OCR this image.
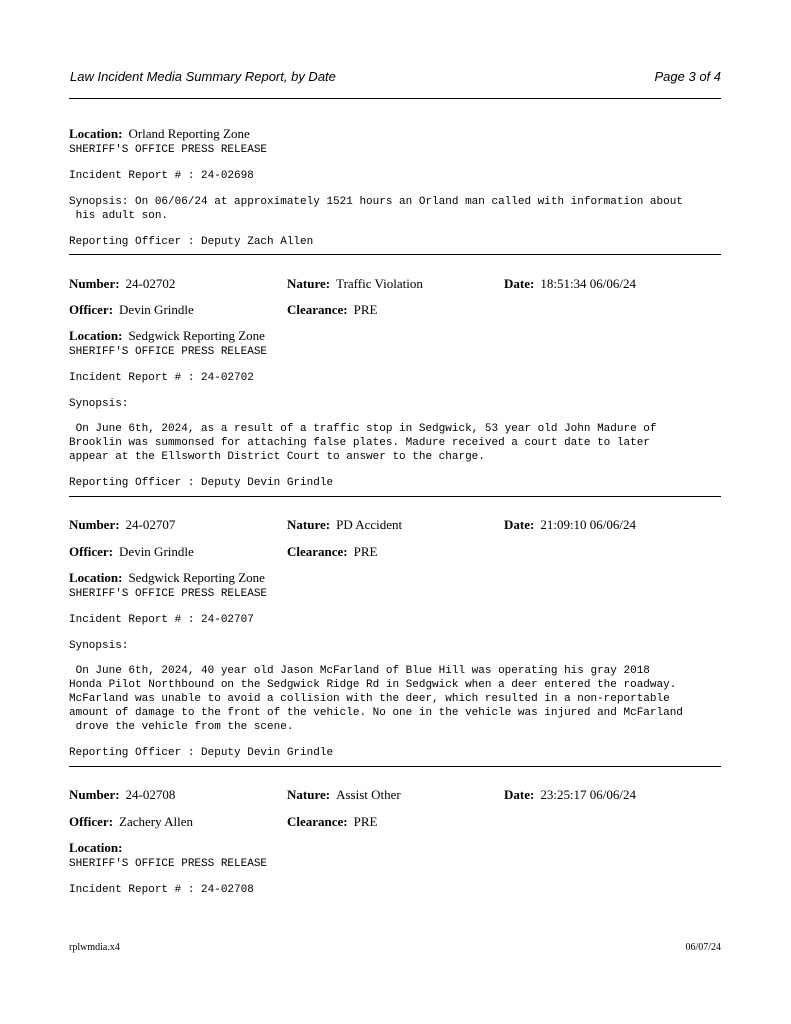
Law Incident Media Summary Report, by Date	Page 3 of 4
Location: Orland Reporting Zone
SHERIFF'S OFFICE PRESS RELEASE
Incident Report # : 24-02698
Synopsis: On 06/06/24 at approximately 1521 hours an Orland man called with information about
his adult son.
Reporting Officer : Deputy Zach Allen
Number: 24-02702	Nature: Traffic Violation	Date: 18:51:34 06/06/24
Officer: Devin Grindle	Clearance: PRE
Location: Sedgwick Reporting Zone
SHERIFF'S OFFICE PRESS RELEASE
Incident Report # : 24-02702
Synopsis:
On June 6th, 2024, as a result of a traffic stop in Sedgwick, 53 year old John Madure of
Brooklin was summonsed for attaching false plates. Madure received a court date to later
appear at the Ellsworth District Court to answer to the charge.
Reporting Officer : Deputy Devin Grindle
Number: 24-02707	Nature: PD Accident	Date: 21:09:10 06/06/24
Officer: Devin Grindle	Clearance: PRE
Location: Sedgwick Reporting Zone
SHERIFF'S OFFICE PRESS RELEASE
Incident Report # : 24-02707
Synopsis:
On June 6th, 2024, 40 year old Jason McFarland of Blue Hill was operating his gray 2018
Honda Pilot Northbound on the Sedgwick Ridge Rd in Sedgwick when a deer entered the roadway.
McFarland was unable to avoid a collision with the deer, which resulted in a non-reportable
amount of damage to the front of the vehicle. No one in the vehicle was injured and McFarland
drove the vehicle from the scene.
Reporting Officer : Deputy Devin Grindle
Number: 24-02708	Nature: Assist Other	Date: 23:25:17 06/06/24
Officer: Zachery Allen	Clearance: PRE
Location:
SHERIFF'S OFFICE PRESS RELEASE
Incident Report # : 24-02708
rplwmdia.x4	06/07/24
